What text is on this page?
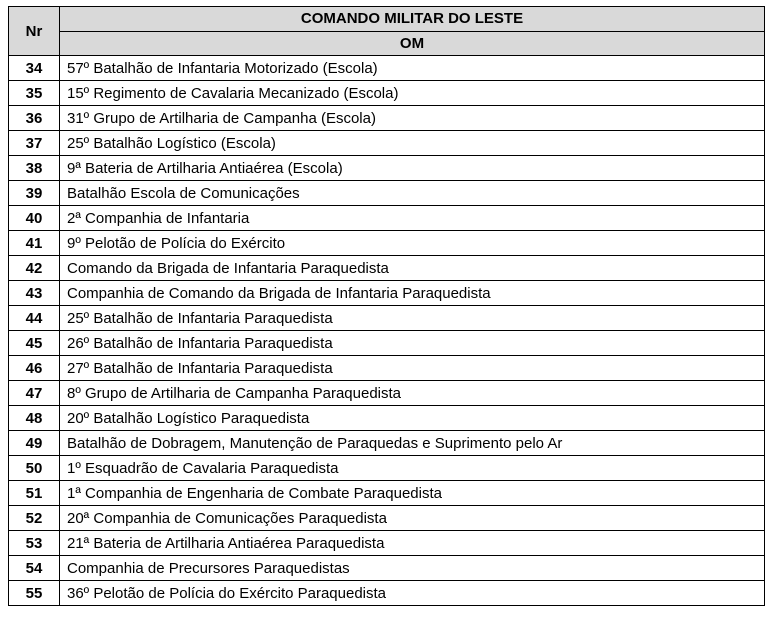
Nr	COMANDO MILITAR DO LESTE
	OM
34	57º Batalhão de Infantaria Motorizado (Escola)
35	15º Regimento de Cavalaria Mecanizado (Escola)
36	31º Grupo de Artilharia de Campanha (Escola)
37	25º Batalhão Logístico (Escola)
38	9ª Bateria de Artilharia Antiaérea (Escola)
39	Batalhão Escola de Comunicações
40	2ª Companhia de Infantaria
41	9º Pelotão de Polícia do Exército
42	Comando da Brigada de Infantaria Paraquedista
43	Companhia de Comando da Brigada de Infantaria Paraquedista
44	25º Batalhão de Infantaria Paraquedista
45	26º Batalhão de Infantaria Paraquedista
46	27º Batalhão de Infantaria Paraquedista
47	8º Grupo de Artilharia de Campanha Paraquedista
48	20º Batalhão Logístico Paraquedista
49	Batalhão de Dobragem, Manutenção de Paraquedas e Suprimento pelo Ar
50	1º Esquadrão de Cavalaria Paraquedista
51	1ª Companhia de Engenharia de Combate Paraquedista
52	20ª Companhia de Comunicações Paraquedista
53	21ª Bateria de Artilharia Antiaérea Paraquedista
54	Companhia de Precursores Paraquedistas
55	36º Pelotão de Polícia do Exército Paraquedista
